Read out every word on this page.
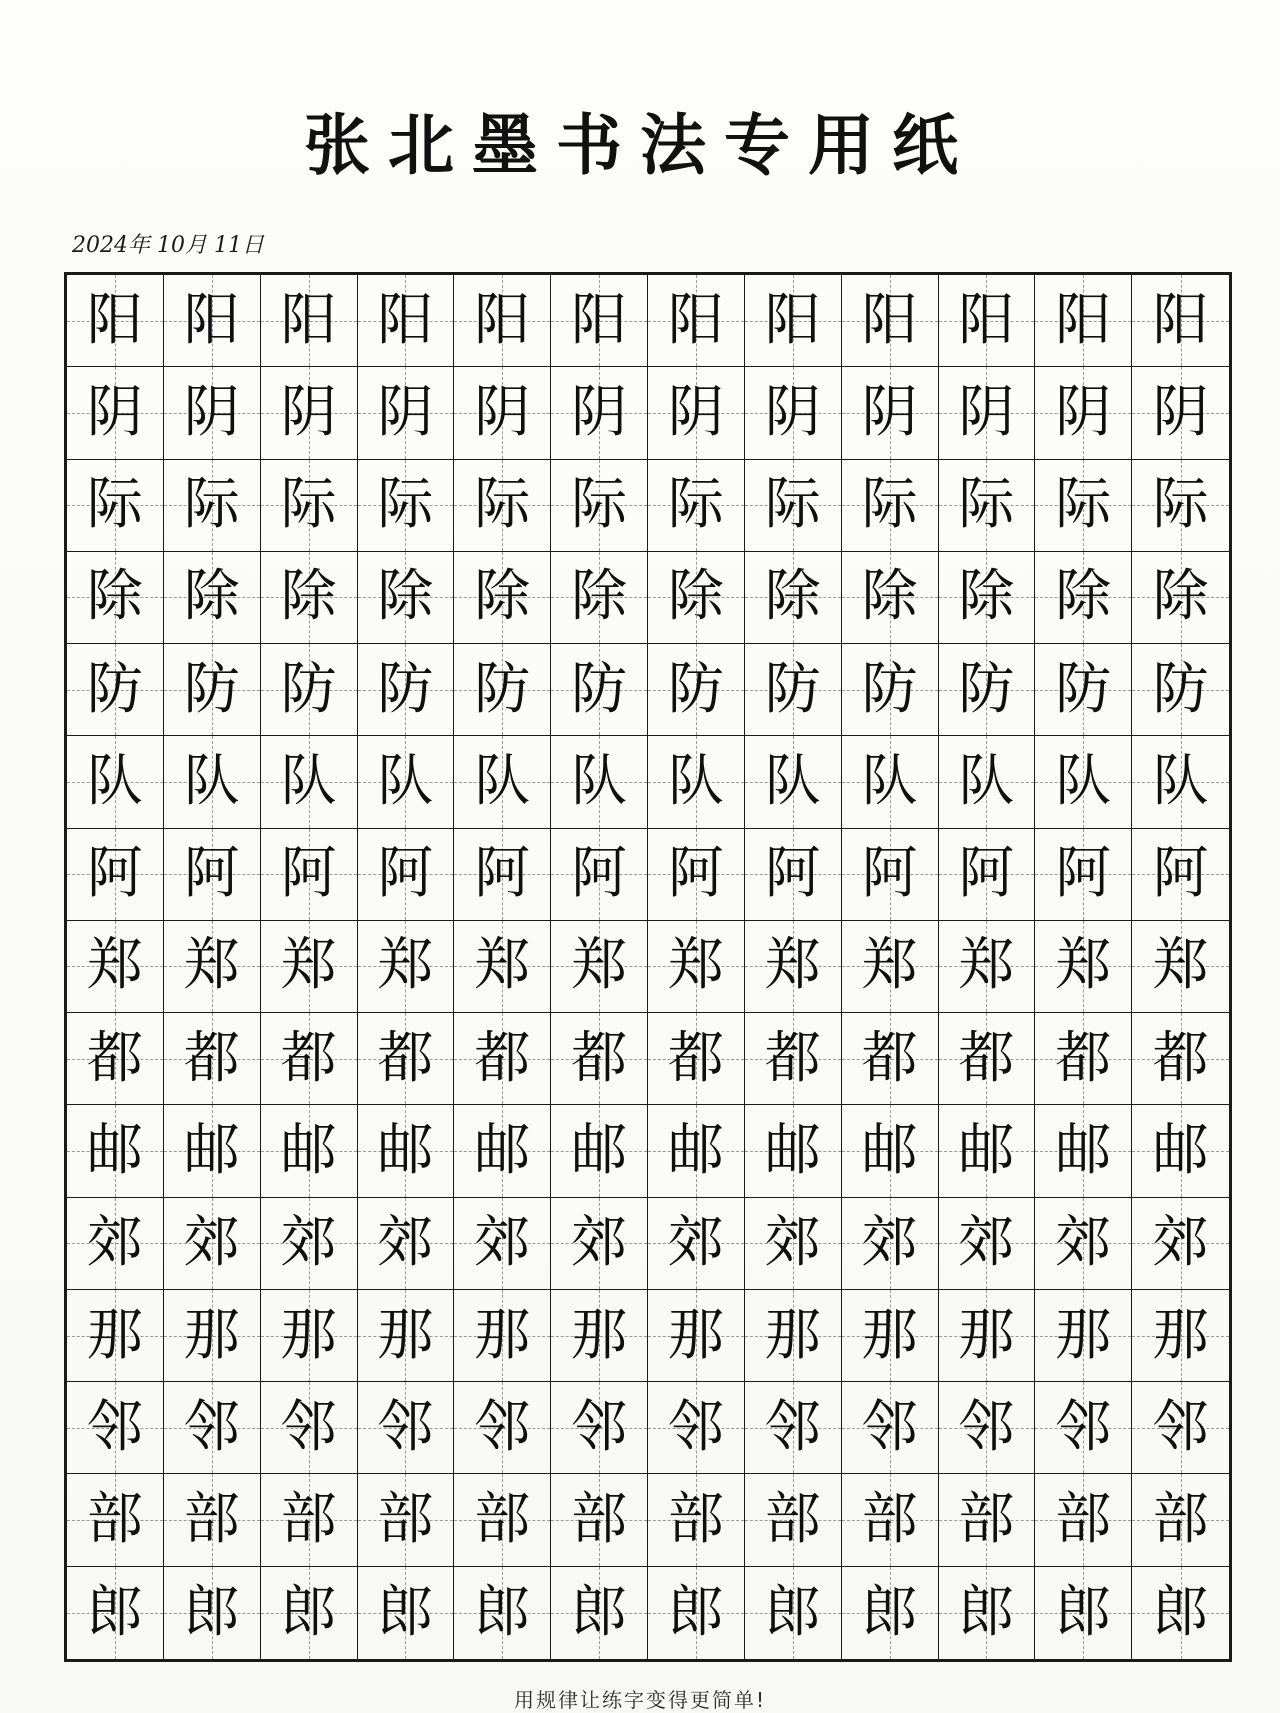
张北墨书法专用纸
2024年 10月 11日
阳 阳 阳 阳 阳 阳 阳 阳 阳 阳 阳 阳
阴 阴 阴 阴 阴 阴 阴 阴 阴 阴 阴 阴
际 际 际 际 际 际 际 际 际 际 际 际
除 除 除 除 除 除 除 除 除 除 除 除
防 防 防 防 防 防 防 防 防 防 防 防
队 队 队 队 队 队 队 队 队 队 队 队
阿 阿 阿 阿 阿 阿 阿 阿 阿 阿 阿 阿
郑 郑 郑 郑 郑 郑 郑 郑 郑 郑 郑 郑
都 都 都 都 都 都 都 都 都 都 都 都
邮 邮 邮 邮 邮 邮 邮 邮 邮 邮 邮 邮
郊 郊 郊 郊 郊 郊 郊 郊 郊 郊 郊 郊
那 那 那 那 那 那 那 那 那 那 那 那
邻 邻 邻 邻 邻 邻 邻 邻 邻 邻 邻 邻
部 部 部 部 部 部 部 部 部 部 部 部
郎 郎 郎 郎 郎 郎 郎 郎 郎 郎 郎 郎
用规律让练字变得更简单!
